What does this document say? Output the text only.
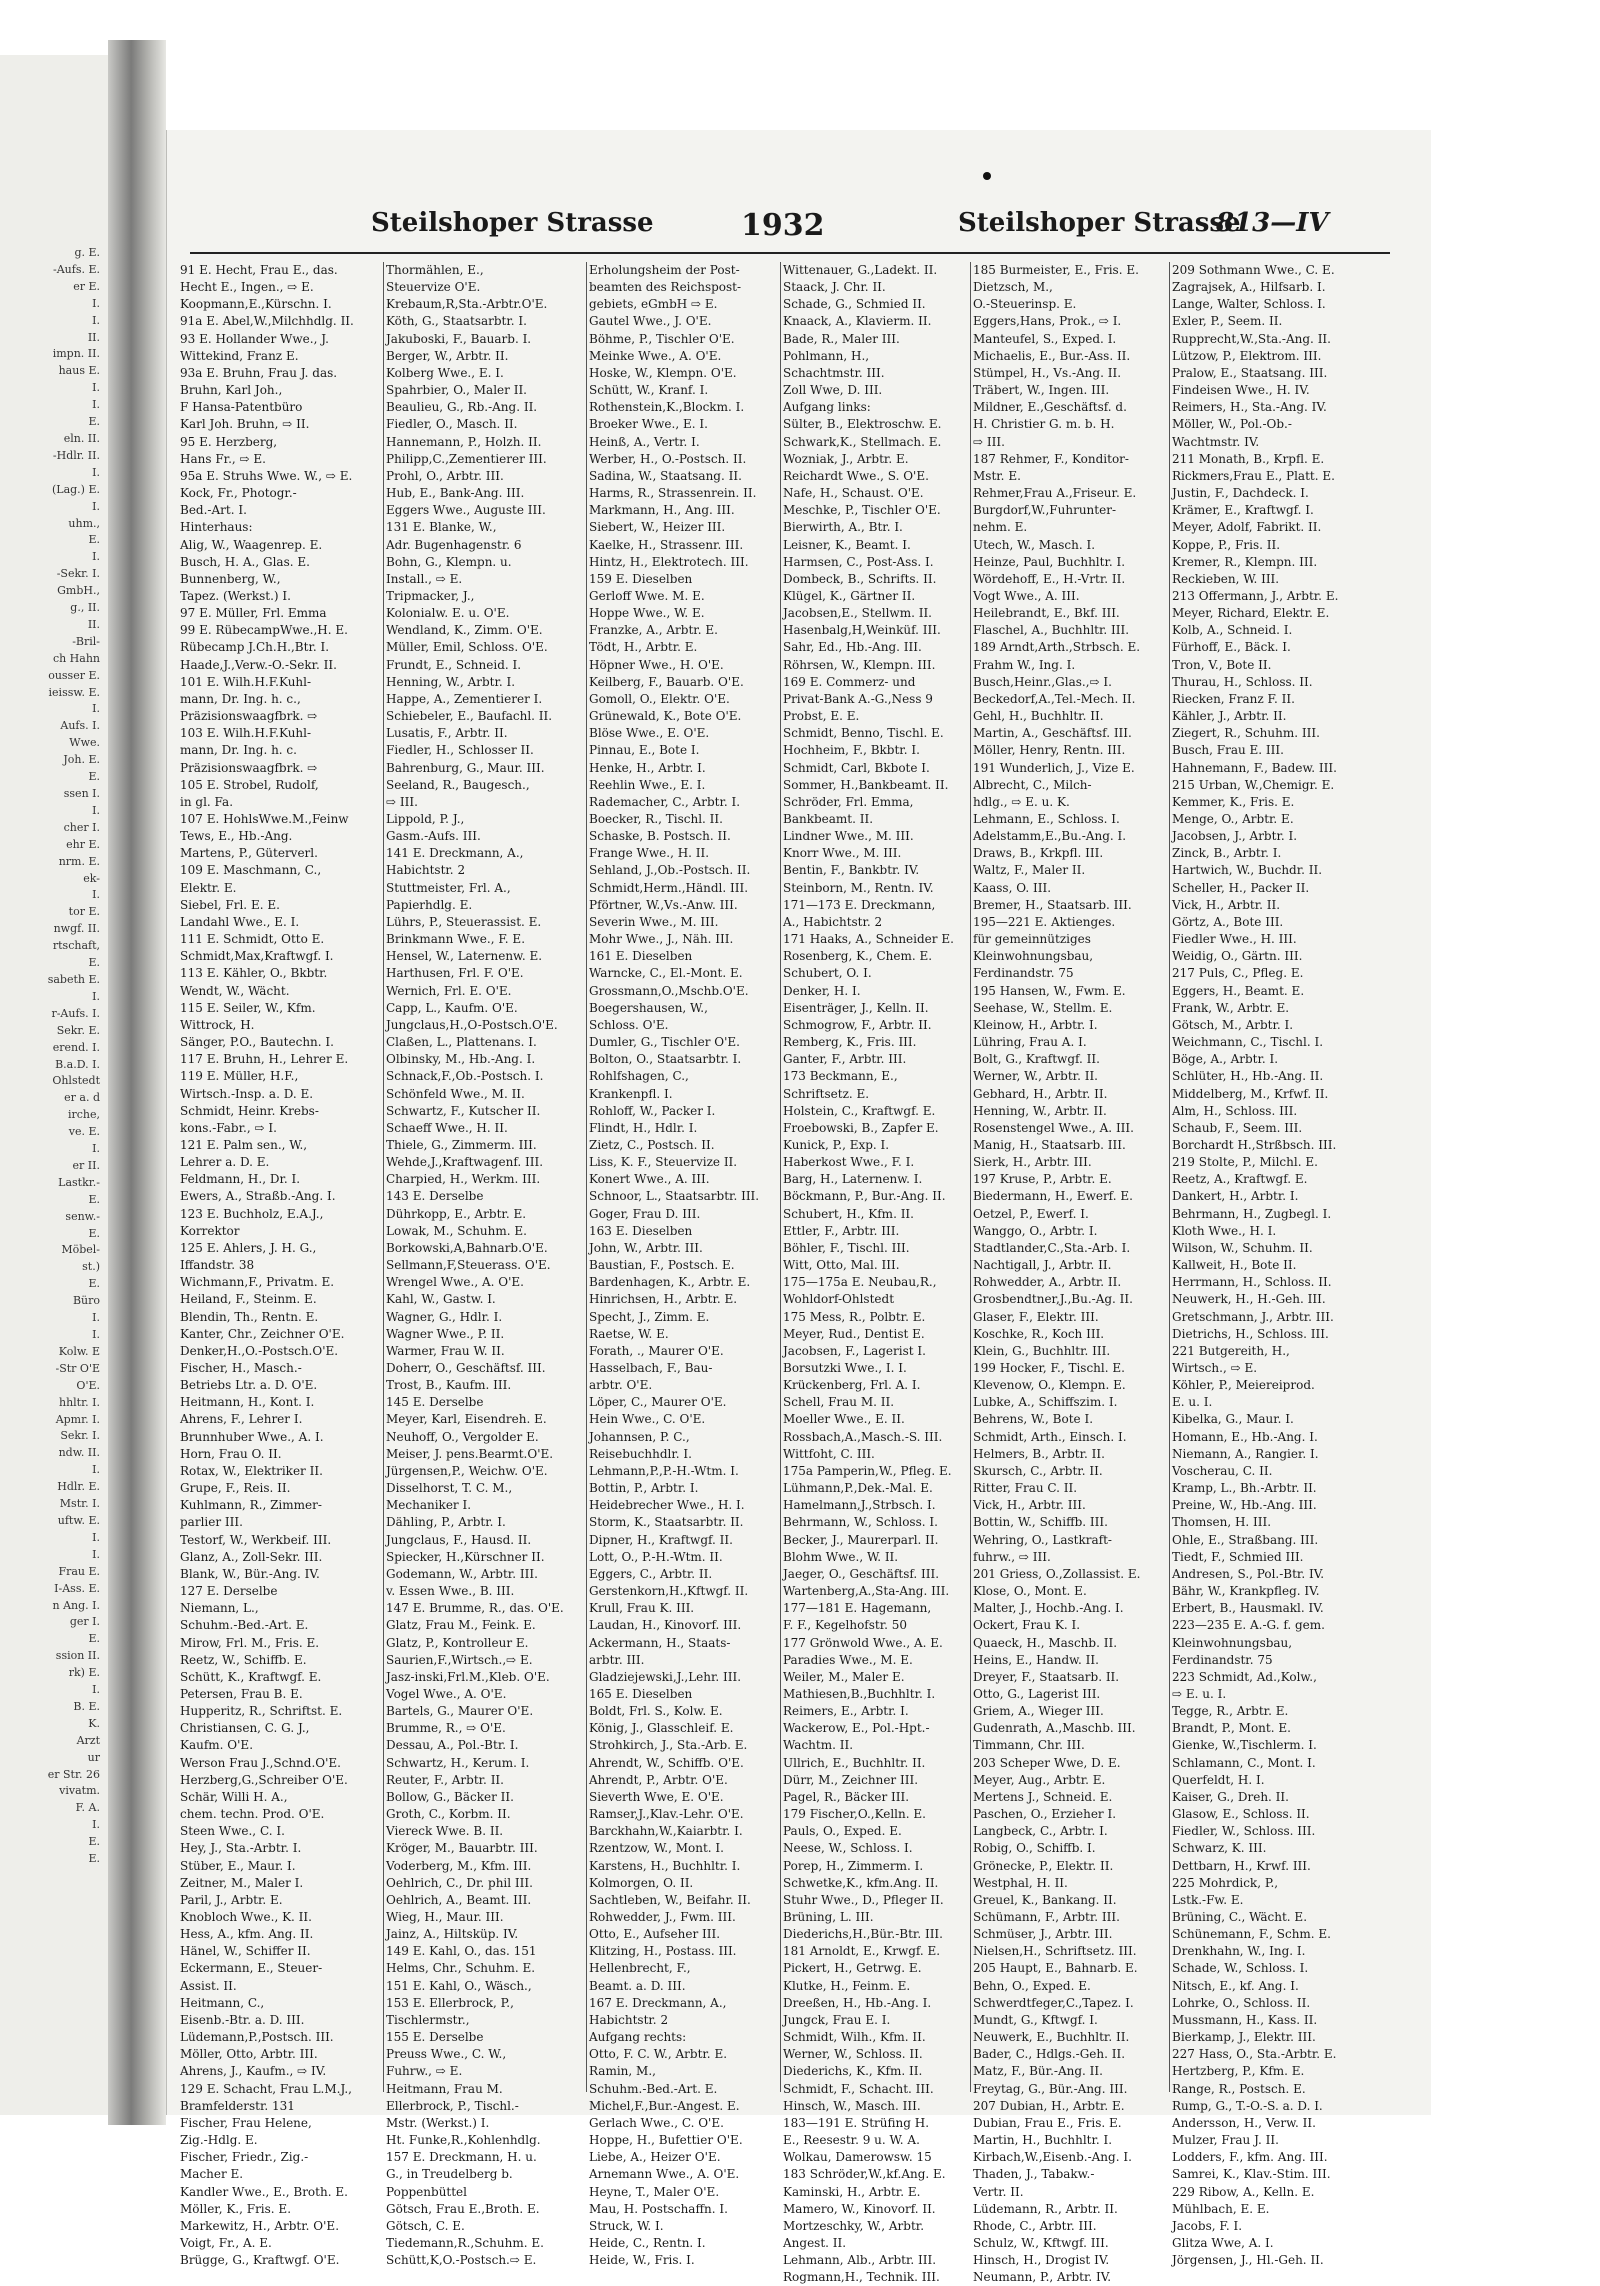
g. E.
-Aufs. E.
er E.
I.
I.
II.
impn. II.
haus E.
I.
I.
E.
eln. II.
-Hdlr. II.
I.
(Lag.) E.
I.
uhm.,
E.
I.
-Sekr. I.
GmbH.,
g., II.
II.
-Bril-
ch Hahn
ousser E.
ieissw. E.
I.
Aufs. I.
Wwe.
Joh. E.
E.
ssen I.
I.
cher I.
ehr E.
nrm. E.
ek-
I.
tor E.
nwgf. II.
rtschaft,
E.
sabeth E.
I.
r-Aufs. I.
Sekr. E.
erend. I.
B.a.D. I.
Ohlstedt
er a. d
irche,
ve. E.
I.
er II.
Lastkr.-
E.
senw.-
E.
Möbel-
st.)
E.
Büro
I.
I.
Kolw. E
-Str O'E
O'E.
hhltr. I.
Apmr. I.
Sekr. I.
ndw. II.
I.
Hdlr. E.
Mstr. I.
uftw. E.
I.
I.
Frau E.
I-Ass. E.
n Ang. I.
ger I.
E.
ssion II.
rk) E.
I.
B. E.
K.
Arzt
ur
er Str. 26
vivatm.
F. A.
I.
E.
E.
Steilshoper Strasse	1932	Steilshoper Strasse
813—IV
91 E. Hecht, Frau E., das.
Hecht E., Ingen., ⇨ E.
Koopmann,E.,Kürschn. I.
91a E. Abel,W.,Milchhdlg. II.
93 E. Hollander Wwe., J.
Wittekind, Franz E.
93a E. Bruhn, Frau J. das.
Bruhn, Karl Joh.,
F Hansa-Patentbüro
Karl Joh. Bruhn, ⇨ II.
95 E. Herzberg,
Hans Fr., ⇨ E.
95a E. Struhs Wwe. W., ⇨ E.
Kock, Fr., Photogr.-
Bed.-Art. I.
Hinterhaus:
Alig, W., Waagenrep. E.
Busch, H. A., Glas. E.
Bunnenberg, W.,
Tapez. (Werkst.) I.
97 E. Müller, Frl. Emma
99 E. RübecampWwe.,H. E.
Rübecamp J.Ch.H.,Btr. I.
Haade,J.,Verw.-O.-Sekr. II.
101 E. Wilh.H.F.Kuhl-
mann, Dr. Ing. h. c.,
Präzisionswaagfbrk. ⇨
103 E. Wilh.H.F.Kuhl-
mann, Dr. Ing. h. c.
Präzisionswaagfbrk. ⇨
105 E. Strobel, Rudolf,
in gl. Fa.
107 E. HohlsWwe.M.,Feinw
Tews, E., Hb.-Ang.
Martens, P., Güterverl.
109 E. Maschmann, C.,
Elektr. E.
Siebel, Frl. E. E.
Landahl Wwe., E. I.
111 E. Schmidt, Otto E.
Schmidt,Max,Kraftwgf. I.
113 E. Kähler, O., Bkbtr.
Wendt, W., Wächt.
115 E. Seiler, W., Kfm.
Wittrock, H.
Sänger, P.O., Bautechn. I.
117 E. Bruhn, H., Lehrer E.
119 E. Müller, H.F.,
Wirtsch.-Insp. a. D. E.
Schmidt, Heinr. Krebs-
kons.-Fabr., ⇨ I.
121 E. Palm sen., W.,
Lehrer a. D. E.
Feldmann, H., Dr. I.
Ewers, A., Straßb.-Ang. I.
123 E. Buchholz, E.A.J.,
Korrektor
125 E. Ahlers, J. H. G.,
Iffandstr. 38
Wichmann,F., Privatm. E.
Heiland, F., Steinm. E.
Blendin, Th., Rentn. E.
Kanter, Chr., Zeichner O'E.
Denker,H.,O.-Postsch.O'E.
Fischer, H., Masch.-
Betriebs Ltr. a. D. O'E.
Heitmann, H., Kont. I.
Ahrens, F., Lehrer I.
Brunnhuber Wwe., A. I.
Horn, Frau O. II.
Rotax, W., Elektriker II.
Grupe, F., Reis. II.
Kuhlmann, R., Zimmer-
parlier III.
Testorf, W., Werkbeif. III.
Glanz, A., Zoll-Sekr. III.
Blank, W., Bür.-Ang. IV.
127 E. Derselbe
Niemann, L.,
Schuhm.-Bed.-Art. E.
Mirow, Frl. M., Fris. E.
Reetz, W., Schiffb. E.
Schütt, K., Kraftwgf. E.
Petersen, Frau B. E.
Hupperitz, R., Schriftst. E.
Christiansen, C. G. J.,
Kaufm. O'E.
Werson Frau J.,Schnd.O'E.
Herzberg,G.,Schreiber O'E.
Schär, Willi H. A.,
chem. techn. Prod. O'E.
Steen Wwe., C. I.
Hey, J., Sta.-Arbtr. I.
Stüber, E., Maur. I.
Zeitner, M., Maler I.
Paril, J., Arbtr. E.
Knobloch Wwe., K. II.
Hess, A., kfm. Ang. II.
Hänel, W., Schiffer II.
Eckermann, E., Steuer-
Assist. II.
Heitmann, C.,
Eisenb.-Btr. a. D. III.
Lüdemann,P.,Postsch. III.
Möller, Otto, Arbtr. III.
Ahrens, J., Kaufm., ⇨ IV.
129 E. Schacht, Frau L.M.J.,
Bramfelderstr. 131
Fischer, Frau Helene,
Zig.-Hdlg. E.
Fischer, Friedr., Zig.-
Macher E.
Kandler Wwe., E., Broth. E.
Möller, K., Fris. E.
Markewitz, H., Arbtr. O'E.
Voigt, Fr., A. E.
Brügge, G., Kraftwgf. O'E.
Thormählen, E.,
Steuervize O'E.
Krebaum,R,Sta.-Arbtr.O'E.
Köth, G., Staatsarbtr. I.
Jakuboski, F., Bauarb. I.
Berger, W., Arbtr. II.
Kolberg Wwe., E. I.
Spahrbier, O., Maler II.
Beaulieu, G., Rb.-Ang. II.
Fiedler, O., Masch. II.
Hannemann, P., Holzh. II.
Philipp,C.,Zementierer III.
Prohl, O., Arbtr. III.
Hub, E., Bank-Ang. III.
Eggers Wwe., Auguste III.
131 E. Blanke, W.,
Adr. Bugenhagenstr. 6
Bohn, G., Klempn. u.
Install., ⇨ E.
Tripmacker, J.,
Kolonialw. E. u. O'E.
Wendland, K., Zimm. O'E.
Müller, Emil, Schloss. O'E.
Frundt, E., Schneid. I.
Henning, W., Arbtr. I.
Happe, A., Zementierer I.
Schiebeler, E., Baufachl. II.
Lusatis, F., Arbtr. II.
Fiedler, H., Schlosser II.
Bahrenburg, G., Maur. III.
Seeland, R., Baugesch.,
⇨ III.
Lippold, P. J.,
Gasm.-Aufs. III.
141 E. Dreckmann, A.,
Habichtstr. 2
Stuttmeister, Frl. A.,
Papierhdlg. E.
Lührs, P., Steuerassist. E.
Brinkmann Wwe., F. E.
Hensel, W., Laternenw. E.
Harthusen, Frl. F. O'E.
Wernich, Frl. E. O'E.
Capp, L., Kaufm. O'E.
Jungclaus,H.,O-Postsch.O'E.
Claßen, L., Plattenans. I.
Olbinsky, M., Hb.-Ang. I.
Schnack,F.,Ob.-Postsch. I.
Schönfeld Wwe., M. II.
Schwartz, F., Kutscher II.
Schaeff Wwe., H. II.
Thiele, G., Zimmerm. III.
Wehde,J.,Kraftwagenf. III.
Charpied, H., Werkm. III.
143 E. Derselbe
Dührkopp, E., Arbtr. E.
Lowak, M., Schuhm. E.
Borkowski,A,Bahnarb.O'E.
Sellmann,F,Steuerass. O'E.
Wrengel Wwe., A. O'E.
Kahl, W., Gastw. I.
Wagner, G., Hdlr. I.
Wagner Wwe., P. II.
Warmer, Frau W. II.
Doherr, O., Geschäftsf. III.
Trost, B., Kaufm. III.
145 E. Derselbe
Meyer, Karl, Eisendreh. E.
Neuhoff, O., Vergolder E.
Meiser, J. pens.Bearmt.O'E.
Jürgensen,P., Weichw. O'E.
Disselhorst, T. C. M.,
Mechaniker I.
Dähling, P., Arbtr. I.
Jungclaus, F., Hausd. II.
Spiecker, H.,Kürschner II.
Godemann, W., Arbtr. III.
v. Essen Wwe., B. III.
147 E. Brumme, R., das. O'E.
Glatz, Frau M., Feink. E.
Glatz, P., Kontrolleur E.
Saurien,F.,Wirtsch.,⇨ E.
Jasz-inski,Frl.M.,Kleb. O'E.
Vogel Wwe., A. O'E.
Bartels, G., Maurer O'E.
Brumme, R., ⇨ O'E.
Dessau, A., Pol.-Btr. I.
Schwartz, H., Kerum. I.
Reuter, F., Arbtr. II.
Bollow, G., Bäcker II.
Groth, C., Korbm. II.
Viereck Wwe. B. II.
Kröger, M., Bauarbtr. III.
Voderberg, M., Kfm. III.
Oehlrich, C., Dr. phil III.
Oehlrich, A., Beamt. III.
Wieg, H., Maur. III.
Jainz, A., Hiltsküp. IV.
149 E. Kahl, O., das. 151
Helms, Chr., Schuhm. E.
151 E. Kahl, O., Wäsch.,
153 E. Ellerbrock, P.,
Tischlermstr.,
155 E. Derselbe
Preuss Wwe., C. W.,
Fuhrw., ⇨ E.
Heitmann, Frau M.
Ellerbrock, P., Tischl.-
Mstr. (Werkst.) I.
Ht. Funke,R.,Kohlenhdlg.
157 E. Dreckmann, H. u.
G., in Treudelberg b.
Poppenbüttel
Götsch, Frau E.,Broth. E.
Götsch, C. E.
Tiedemann,R.,Schuhm. E.
Schütt,K,O.-Postsch.⇨ E.
Erholungsheim der Post-
beamten des Reichspost-
gebiets, eGmbH ⇨ E.
Gautel Wwe., J. O'E.
Böhme, P., Tischler O'E.
Meinke Wwe., A. O'E.
Hoske, W., Klempn. O'E.
Schütt, W., Kranf. I.
Rothenstein,K.,Blockm. I.
Broeker Wwe., E. I.
Heinß, A., Vertr. I.
Werber, H., O.-Postsch. II.
Sadina, W., Staatsang. II.
Harms, R., Strassenrein. II.
Markmann, H., Ang. III.
Siebert, W., Heizer III.
Kaelke, H., Strassenr. III.
Hintz, H., Elektrotech. III.
159 E. Dieselben
Gerloff Wwe. M. E.
Hoppe Wwe., W. E.
Franzke, A., Arbtr. E.
Tödt, H., Arbtr. E.
Höpner Wwe., H. O'E.
Keilberg, F., Bauarb. O'E.
Gomoll, O., Elektr. O'E.
Grünewald, K., Bote O'E.
Blöse Wwe., E. O'E.
Pinnau, E., Bote I.
Henke, H., Arbtr. I.
Reehlin Wwe., E. I.
Rademacher, C., Arbtr. I.
Boecker, R., Tischl. II.
Schaske, B. Postsch. II.
Frange Wwe., H. II.
Sehland, J.,Ob.-Postsch. II.
Schmidt,Herm.,Händl. III.
Pförtner, W.,Vs.-Anw. III.
Severin Wwe., M. III.
Mohr Wwe., J., Näh. III.
161 E. Dieselben
Warncke, C., El.-Mont. E.
Grossmann,O.,Mschb.O'E.
Boegershausen, W.,
Schloss. O'E.
Dumler, G., Tischler O'E.
Bolton, O., Staatsarbtr. I.
Rohlfshagen, C.,
Krankenpfl. I.
Rohloff, W., Packer I.
Flindt, H., Hdlr. I.
Zietz, C., Postsch. II.
Liss, K. F., Steuervize II.
Konert Wwe., A. III.
Schnoor, L., Staatsarbtr. III.
Goger, Frau D. III.
163 E. Dieselben
John, W., Arbtr. III.
Baustian, F., Postsch. E.
Bardenhagen, K., Arbtr. E.
Hinrichsen, H., Arbtr. E.
Specht, J., Zimm. E.
Raetse, W. E.
Forath, ., Maurer O'E.
Hasselbach, F., Bau-
arbtr. O'E.
Löper, C., Maurer O'E.
Hein Wwe., C. O'E.
Johannsen, P. C.,
Reisebuchhdlr. I.
Lehmann,P.,P.-H.-Wtm. I.
Bottin, P., Arbtr. I.
Heidebrecher Wwe., H. I.
Storm, K., Staatsarbtr. II.
Dipner, H., Kraftwgf. II.
Lott, O., P.-H.-Wtm. II.
Eggers, C., Arbtr. II.
Gerstenkorn,H.,Kftwgf. II.
Krull, Frau K. III.
Laudan, H., Kinovorf. III.
Ackermann, H., Staats-
arbtr. III.
Gladziejewski,J.,Lehr. III.
165 E. Dieselben
Boldt, Frl. S., Kolw. E.
König, J., Glasschleif. E.
Strohkirch, J., Sta.-Arb. E.
Ahrendt, W., Schiffb. O'E.
Ahrendt, P., Arbtr. O'E.
Sieverth Wwe, E. O'E.
Ramser,J.,Klav.-Lehr. O'E.
Barckhahn,W.,Kaiarbtr. I.
Rzentzow, W., Mont. I.
Karstens, H., Buchhltr. I.
Kolmorgen, O. II.
Sachtleben, W., Beifahr. II.
Rohwedder, J., Fwm. III.
Otto, E., Aufseher III.
Klitzing, H., Postass. III.
Hellenbrecht, F.,
Beamt. a. D. III.
167 E. Dreckmann, A.,
Habichtstr. 2
Aufgang rechts:
Otto, F. C. W., Arbtr. E.
Ramin, M.,
Schuhm.-Bed.-Art. E.
Michel,F.,Bur.-Angest. E.
Gerlach Wwe., C. O'E.
Hoppe, H., Bufettier O'E.
Liebe, A., Heizer O'E.
Arnemann Wwe., A. O'E.
Heyne, T., Maler O'E.
Mau, H. Postschaffn. I.
Struck, W. I.
Heide, C., Rentn. I.
Heide, W., Fris. I.
Wittenauer, G.,Ladekt. II.
Staack, J. Chr. II.
Schade, G., Schmied II.
Knaack, A., Klavierm. II.
Bade, R., Maler III.
Pohlmann, H.,
Schachtmstr. III.
Zoll Wwe, D. III.
Aufgang links:
Sülter, B., Elektroschw. E.
Schwark,K., Stellmach. E.
Wozniak, J., Arbtr. E.
Reichardt Wwe., S. O'E.
Nafe, H., Schaust. O'E.
Meschke, P., Tischler O'E.
Bierwirth, A., Btr. I.
Leisner, K., Beamt. I.
Harmsen, C., Post-Ass. I.
Dombeck, B., Schrifts. II.
Klügel, K., Gärtner II.
Jacobsen,E., Stellwm. II.
Hasenbalg,H,Weinküf. III.
Sahr, Ed., Hb.-Ang. III.
Röhrsen, W., Klempn. III.
169 E. Commerz- und
Privat-Bank A.-G.,Ness 9
Probst, E. E.
Schmidt, Benno, Tischl. E.
Hochheim, F., Bkbtr. I.
Schmidt, Carl, Bkbote I.
Sommer, H.,Bankbeamt. II.
Schröder, Frl. Emma,
Bankbeamt. II.
Lindner Wwe., M. III.
Knorr Wwe., M. III.
Bentin, F., Bankbtr. IV.
Steinborn, M., Rentn. IV.
171—173 E. Dreckmann,
A., Habichtstr. 2
171 Haaks, A., Schneider E.
Rosenberg, K., Chem. E.
Schubert, O. I.
Denker, H. I.
Eisenträger, J., Kelln. II.
Schmogrow, F., Arbtr. II.
Remberg, K., Fris. III.
Ganter, F., Arbtr. III.
173 Beckmann, E.,
Schriftsetz. E.
Holstein, C., Kraftwgf. E.
Froebowski, B., Zapfer E.
Kunick, P., Exp. I.
Haberkost Wwe., F. I.
Barg, H., Laternenw. I.
Böckmann, P., Bur.-Ang. II.
Schubert, H., Kfm. II.
Ettler, F., Arbtr. III.
Böhler, F., Tischl. III.
Witt, Otto, Mal. III.
175—175a E. Neubau,R.,
Wohldorf-Ohlstedt
175 Mess, R., Polbtr. E.
Meyer, Rud., Dentist E.
Jacobsen, F., Lagerist I.
Borsutzki Wwe., I. I.
Krückenberg, Frl. A. I.
Schell, Frau M. II.
Moeller Wwe., E. II.
Rossbach,A.,Masch.-S. III.
Wittfoht, C. III.
175a Pamperin,W., Pfleg. E.
Lühmann,P.,Dek.-Mal. E.
Hamelmann,J.,Strbsch. I.
Behrmann, W., Schloss. I.
Becker, J., Maurerparl. II.
Blohm Wwe., W. II.
Jaeger, O., Geschäftsf. III.
Wartenberg,A.,Sta-Ang. III.
177—181 E. Hagemann,
F. F., Kegelhofstr. 50
177 Grönwold Wwe., A. E.
Paradies Wwe., M. E.
Weiler, M., Maler E.
Mathiesen,B.,Buchhltr. I.
Reimers, E., Arbtr. I.
Wackerow, E., Pol.-Hpt.-
Wachtm. II.
Ullrich, E., Buchhltr. II.
Dürr, M., Zeichner III.
Pagel, R., Bäcker III.
179 Fischer,O.,Kelln. E.
Pauls, O., Exped. E.
Neese, W., Schloss. I.
Porep, H., Zimmerm. I.
Schwetke,K., kfm.Ang. II.
Stuhr Wwe., D., Pfleger II.
Brüning, L. III.
Diederichs,H.,Bür.-Btr. III.
181 Arnoldt, E., Krwgf. E.
Pickert, H., Getrwg. E.
Klutke, H., Feinm. E.
Dreeßen, H., Hb.-Ang. I.
Jungck, Frau E. I.
Schmidt, Wilh., Kfm. II.
Werner, W., Schloss. II.
Diederichs, K., Kfm. II.
Schmidt, F., Schacht. III.
Hinsch, W., Masch. III.
183—191 E. Strüfing H.
E., Reesestr. 9 u. W. A.
Wolkau, Damerowsw. 15
183 Schröder,W.,kf.Ang. E.
Kaminski, H., Arbtr. E.
Mamero, W., Kinovorf. II.
Mortzeschky, W., Arbtr.
Angest. II.
Lehmann, Alb., Arbtr. III.
Rogmann,H., Technik. III.
185 Burmeister, E., Fris. E.
Dietzsch, M.,
O.-Steuerinsp. E.
Eggers,Hans, Prok., ⇨ I.
Manteufel, S., Exped. I.
Michaelis, E., Bur.-Ass. II.
Stümpel, H., Vs.-Ang. II.
Träbert, W., Ingen. III.
Mildner, E.,Geschäftsf. d.
H. Christier G. m. b. H.
⇨ III.
187 Rehmer, F., Konditor-
Mstr. E.
Rehmer,Frau A.,Friseur. E.
Burgdorf,W.,Fuhrunter-
nehm. E.
Utech, W., Masch. I.
Heinze, Paul, Buchhltr. I.
Wördehoff, E., H.-Vrtr. II.
Vogt Wwe., A. III.
Heilebrandt, E., Bkf. III.
Flaschel, A., Buchhltr. III.
189 Arndt,Arth.,Strbsch. E.
Frahm W., Ing. I.
Busch,Heinr.,Glas.,⇨ I.
Beckedorf,A.,Tel.-Mech. II.
Gehl, H., Buchhltr. II.
Martin, A., Geschäftsf. III.
Möller, Henry, Rentn. III.
191 Wunderlich, J., Vize E.
Albrecht, C., Milch-
hdlg., ⇨ E. u. K.
Lehmann, E., Schloss. I.
Adelstamm,E.,Bu.-Ang. I.
Draws, B., Krkpfl. III.
Waltz, F., Maler II.
Kaass, O. III.
Bremer, H., Staatsarb. III.
195—221 E. Aktienges.
für gemeinnütziges
Kleinwohnungsbau,
Ferdinandstr. 75
195 Hansen, W., Fwm. E.
Seehase, W., Stellm. E.
Kleinow, H., Arbtr. I.
Lühring, Frau A. I.
Bolt, G., Kraftwgf. II.
Werner, W., Arbtr. II.
Gebhard, H., Arbtr. II.
Henning, W., Arbtr. II.
Rosenstengel Wwe., A. III.
Manig, H., Staatsarb. III.
Sierk, H., Arbtr. III.
197 Kruse, P., Arbtr. E.
Biedermann, H., Ewerf. E.
Oetzel, P., Ewerf. I.
Wanggo, O., Arbtr. I.
Stadtlander,C.,Sta.-Arb. I.
Nachtigall, J., Arbtr. II.
Rohwedder, A., Arbtr. II.
Grosbendtner,J.,Bu.-Ag. II.
Glaser, F., Elektr. III.
Koschke, R., Koch III.
Klein, G., Buchhltr. III.
199 Hocker, F., Tischl. E.
Klevenow, O., Klempn. E.
Lubke, A., Schiffszim. I.
Behrens, W., Bote I.
Schmidt, Arth., Einsch. I.
Helmers, B., Arbtr. II.
Skursch, C., Arbtr. II.
Ritter, Frau C. II.
Vick, H., Arbtr. III.
Bottin, W., Schiffb. III.
Wehring, O., Lastkraft-
fuhrw., ⇨ III.
201 Griess, O.,Zollassist. E.
Klose, O., Mont. E.
Malter, J., Hochb.-Ang. I.
Ockert, Frau K. I.
Quaeck, H., Maschb. II.
Heins, E., Handw. II.
Dreyer, F., Staatsarb. II.
Otto, G., Lagerist III.
Griem, A., Wieger III.
Gudenrath, A.,Maschb. III.
Timmann, Chr. III.
203 Scheper Wwe, D. E.
Meyer, Aug., Arbtr. E.
Mertens J., Schneid. E.
Paschen, O., Erzieher I.
Langbeck, C., Arbtr. I.
Robig, O., Schiffb. I.
Grönecke, P., Elektr. II.
Westphal, H. II.
Greuel, K., Bankang. II.
Schümann, F., Arbtr. III.
Schmüser, J., Arbtr. III.
Nielsen,H., Schriftsetz. III.
205 Haupt, E., Bahnarb. E.
Behn, O., Exped. E.
Schwerdtfeger,C.,Tapez. I.
Mundt, G., Kftwgf. I.
Neuwerk, E., Buchhltr. II.
Bader, C., Hdlgs.-Geh. II.
Matz, F., Bür.-Ang. II.
Freytag, G., Bür.-Ang. III.
207 Dubian, H., Arbtr. E.
Dubian, Frau E., Fris. E.
Martin, H., Buchhltr. I.
Kirbach,W.,Eisenb.-Ang. I.
Thaden, J., Tabakw.-
Vertr. II.
Lüdemann, R., Arbtr. II.
Rhode, C., Arbtr. III.
Schulz, W., Kftwgf. III.
Hinsch, H., Drogist IV.
Neumann, P., Arbtr. IV.
209 Sothmann Wwe., C. E.
Zagrajsek, A., Hilfsarb. I.
Lange, Walter, Schloss. I.
Exler, P., Seem. II.
Rupprecht,W.,Sta.-Ang. II.
Lützow, P., Elektrom. III.
Pralow, E., Staatsang. III.
Findeisen Wwe., H. IV.
Reimers, H., Sta.-Ang. IV.
Möller, W., Pol.-Ob.-
Wachtmstr. IV.
211 Monath, B., Krpfl. E.
Rickmers,Frau E., Platt. E.
Justin, F., Dachdeck. I.
Krämer, E., Kraftwgf. I.
Meyer, Adolf, Fabrikt. II.
Koppe, P., Fris. II.
Kremer, R., Klempn. III.
Reckieben, W. III.
213 Offermann, J., Arbtr. E.
Meyer, Richard, Elektr. E.
Kolb, A., Schneid. I.
Fürhoff, E., Bäck. I.
Tron, V., Bote II.
Thurau, H., Schloss. II.
Riecken, Franz F. II.
Kähler, J., Arbtr. II.
Ziegert, R., Schuhm. III.
Busch, Frau E. III.
Hahnemann, F., Badew. III.
215 Urban, W.,Chemigr. E.
Kemmer, K., Fris. E.
Menge, O., Arbtr. E.
Jacobsen, J., Arbtr. I.
Zinck, B., Arbtr. I.
Hartwich, W., Buchdr. II.
Scheller, H., Packer II.
Vick, H., Arbtr. II.
Görtz, A., Bote III.
Fiedler Wwe., H. III.
Weidig, O., Gärtn. III.
217 Puls, C., Pfleg. E.
Eggers, H., Beamt. E.
Frank, W., Arbtr. E.
Götsch, M., Arbtr. I.
Weichmann, C., Tischl. I.
Böge, A., Arbtr. I.
Schlüter, H., Hb.-Ang. II.
Middelberg, M., Krfwf. II.
Alm, H., Schloss. III.
Schaub, F., Seem. III.
Borchardt H.,Strßbsch. III.
219 Stolte, P., Milchl. E.
Reetz, A., Kraftwgf. E.
Dankert, H., Arbtr. I.
Behrmann, H., Zugbegl. I.
Kloth Wwe., H. I.
Wilson, W., Schuhm. II.
Kallweit, H., Bote II.
Herrmann, H., Schloss. II.
Neuwerk, H., H.-Geh. III.
Gretschmann, J., Arbtr. III.
Dietrichs, H., Schloss. III.
221 Butgereith, H.,
Wirtsch., ⇨ E.
Köhler, P., Meiereiprod.
E. u. I.
Kibelka, G., Maur. I.
Homann, E., Hb.-Ang. I.
Niemann, A., Rangier. I.
Voscherau, C. II.
Kramp, L., Bh.-Arbtr. II.
Preine, W., Hb.-Ang. III.
Thomsen, H. III.
Ohle, E., Straßbang. III.
Tiedt, F., Schmied III.
Andresen, S., Pol.-Btr. IV.
Bähr, W., Krankpfleg. IV.
Erbert, B., Hausmakl. IV.
223—235 E. A.-G. f. gem.
Kleinwohnungsbau,
Ferdinandstr. 75
223 Schmidt, Ad.,Kolw.,
⇨ E. u. I.
Tegge, R., Arbtr. E.
Brandt, P., Mont. E.
Gienke, W.,Tischlerm. I.
Schlamann, C., Mont. I.
Querfeldt, H. I.
Kaiser, G., Dreh. II.
Glasow, E., Schloss. II.
Fiedler, W., Schloss. III.
Schwarz, K. III.
Dettbarn, H., Krwf. III.
225 Mohrdick, P.,
Lstk.-Fw. E.
Brüning, C., Wächt. E.
Schünemann, F., Schm. E.
Drenkhahn, W., Ing. I.
Schade, W., Schloss. I.
Nitsch, E., kf. Ang. I.
Lohrke, O., Schloss. II.
Mussmann, H., Kass. II.
Bierkamp, J., Elektr. III.
227 Hass, O., Sta.-Arbtr. E.
Hertzberg, P., Kfm. E.
Range, R., Postsch. E.
Rump, G., T.-O.-S. a. D. I.
Andersson, H., Verw. II.
Mulzer, Frau J. II.
Lodders, F., kfm. Ang. III.
Samrei, K., Klav.-Stim. III.
229 Ribow, A., Kelln. E.
Mühlbach, E. E.
Jacobs, F. I.
Glitza Wwe, A. I.
Jörgensen, J., Hl.-Geh. II.
